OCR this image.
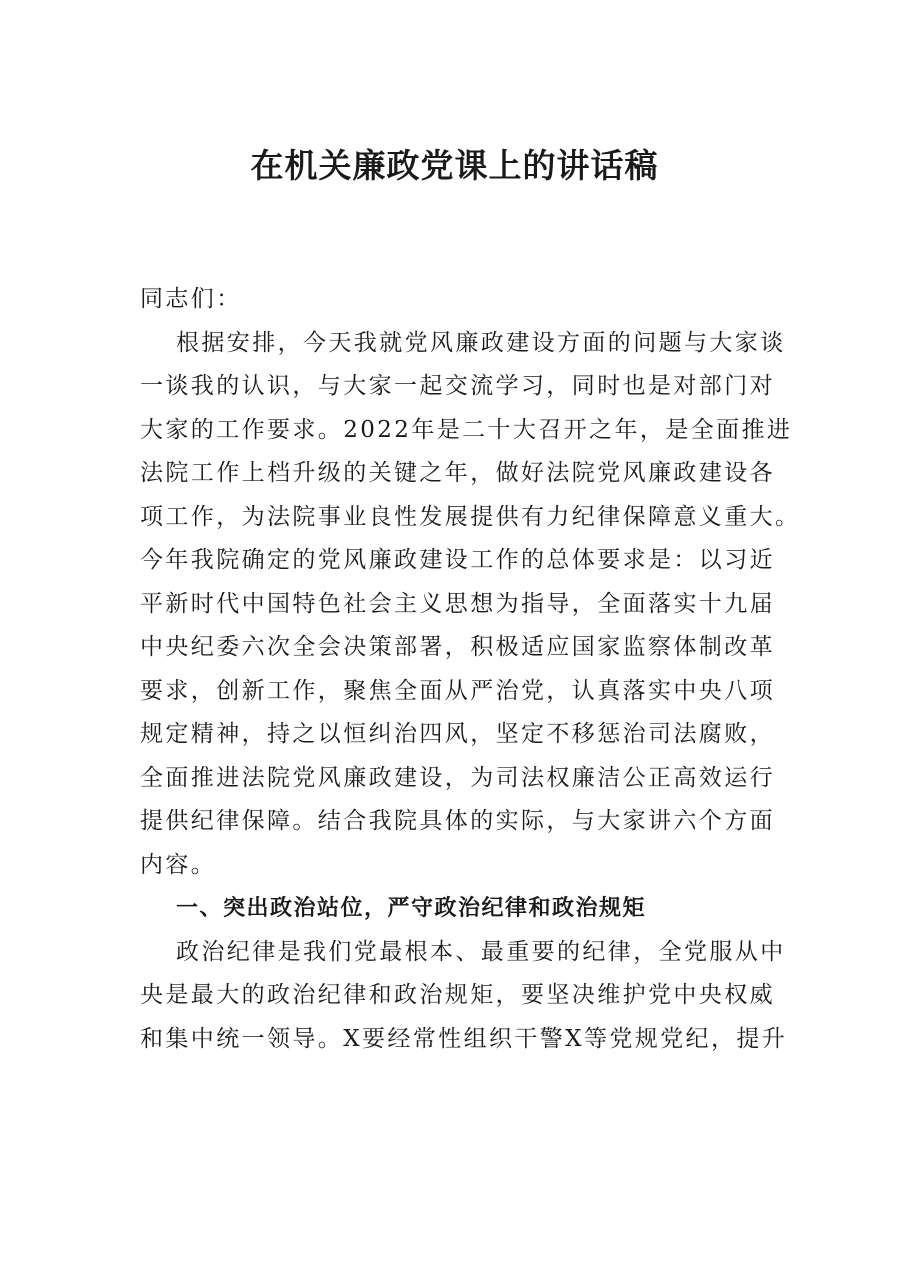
在机关廉政党课上的讲话稿
同志们：
根据安排，今天我就党风廉政建设方面的问题与大家谈
一谈我的认识，与大家一起交流学习，同时也是对部门对
大家的工作要求。2022年是二十大召开之年，是全面推进
法院工作上档升级的关键之年，做好法院党风廉政建设各
项工作，为法院事业良性发展提供有力纪律保障意义重大。
今年我院确定的党风廉政建设工作的总体要求是：以习近
平新时代中国特色社会主义思想为指导，全面落实十九届
中央纪委六次全会决策部署，积极适应国家监察体制改革
要求，创新工作，聚焦全面从严治党，认真落实中央八项
规定精神，持之以恒纠治四风，坚定不移惩治司法腐败，
全面推进法院党风廉政建设，为司法权廉洁公正高效运行
提供纪律保障。结合我院具体的实际，与大家讲六个方面
内容。
一、突出政治站位，严守政治纪律和政治规矩
政治纪律是我们党最根本、最重要的纪律，全党服从中
央是最大的政治纪律和政治规矩，要坚决维护党中央权威
和集中统一领导。X要经常性组织干警X等党规党纪，提升
